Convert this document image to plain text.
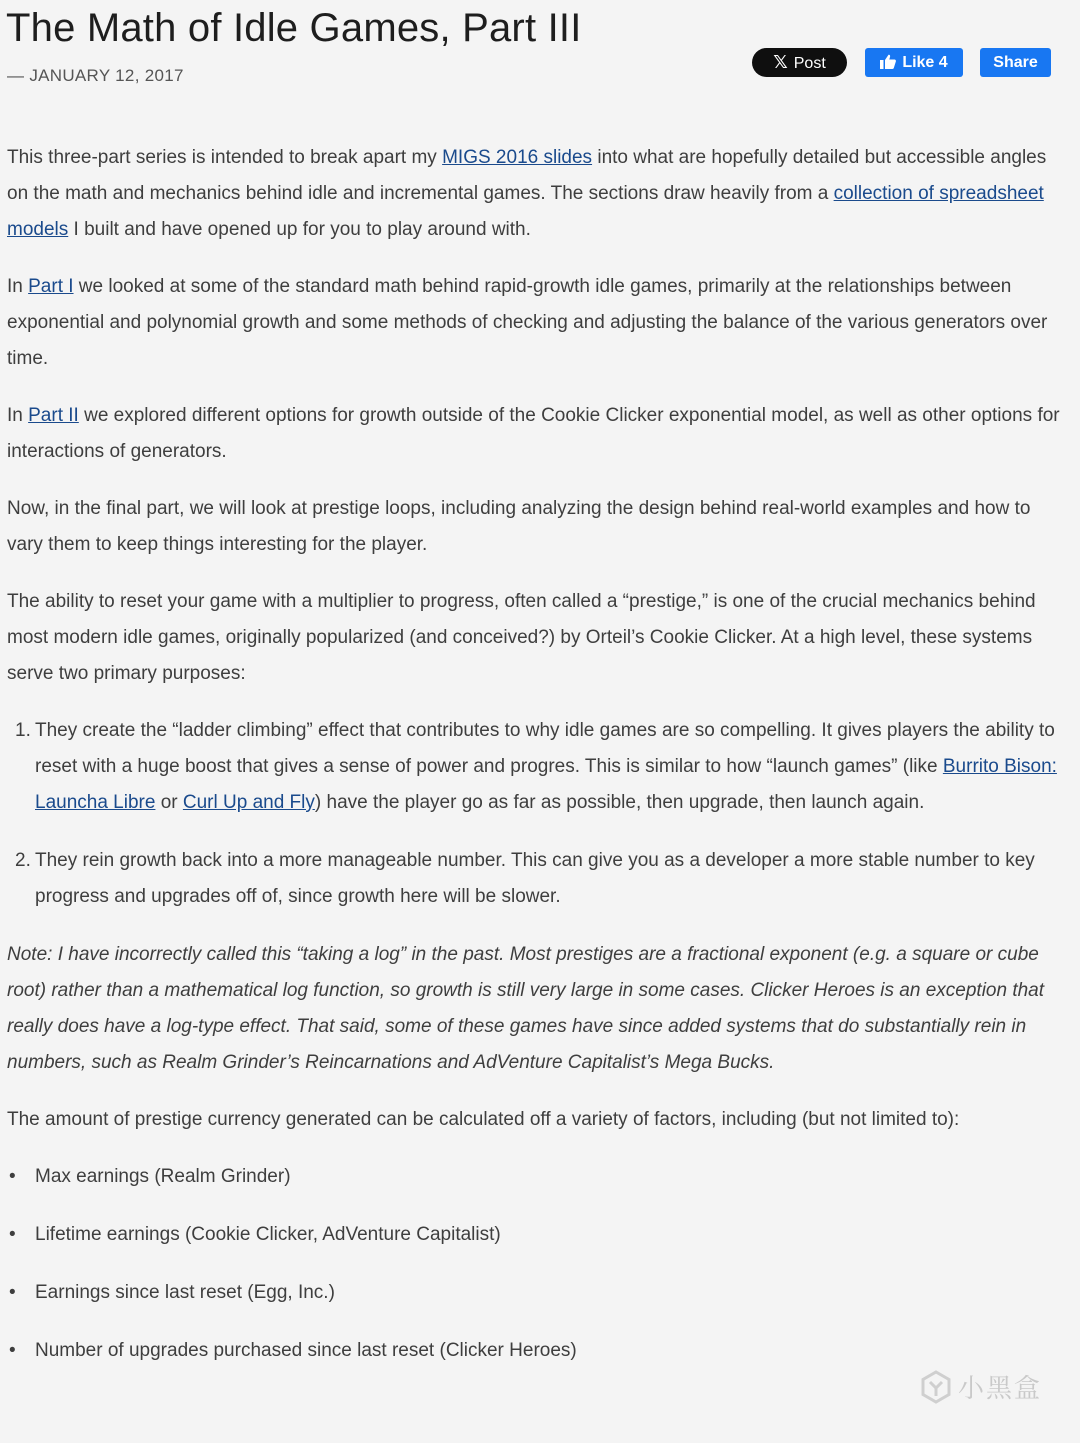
The Math of Idle Games, Part III
— JANUARY 12, 2017
𝕏 Post	Like 4	Share

This three-part series is intended to break apart my MIGS 2016 slides into what are hopefully detailed but accessible angles on the math and mechanics behind idle and incremental games. The sections draw heavily from a collection of spreadsheet models I built and have opened up for you to play around with.

In Part I we looked at some of the standard math behind rapid-growth idle games, primarily at the relationships between exponential and polynomial growth and some methods of checking and adjusting the balance of the various generators over time.

In Part II we explored different options for growth outside of the Cookie Clicker exponential model, as well as other options for interactions of generators.

Now, in the final part, we will look at prestige loops, including analyzing the design behind real-world examples and how to vary them to keep things interesting for the player.

The ability to reset your game with a multiplier to progress, often called a “prestige,” is one of the crucial mechanics behind most modern idle games, originally popularized (and conceived?) by Orteil’s Cookie Clicker. At a high level, these systems serve two primary purposes:

1. They create the “ladder climbing” effect that contributes to why idle games are so compelling. It gives players the ability to reset with a huge boost that gives a sense of power and progres. This is similar to how “launch games” (like Burrito Bison: Launcha Libre or Curl Up and Fly) have the player go as far as possible, then upgrade, then launch again.
2. They rein growth back into a more manageable number. This can give you as a developer a more stable number to key progress and upgrades off of, since growth here will be slower.

Note: I have incorrectly called this “taking a log” in the past. Most prestiges are a fractional exponent (e.g. a square or cube root) rather than a mathematical log function, so growth is still very large in some cases. Clicker Heroes is an exception that really does have a log-type effect. That said, some of these games have since added systems that do substantially rein in numbers, such as Realm Grinder’s Reincarnations and AdVenture Capitalist’s Mega Bucks.

The amount of prestige currency generated can be calculated off a variety of factors, including (but not limited to):

• Max earnings (Realm Grinder)
• Lifetime earnings (Cookie Clicker, AdVenture Capitalist)
• Earnings since last reset (Egg, Inc.)
• Number of upgrades purchased since last reset (Clicker Heroes)
小黑盒
